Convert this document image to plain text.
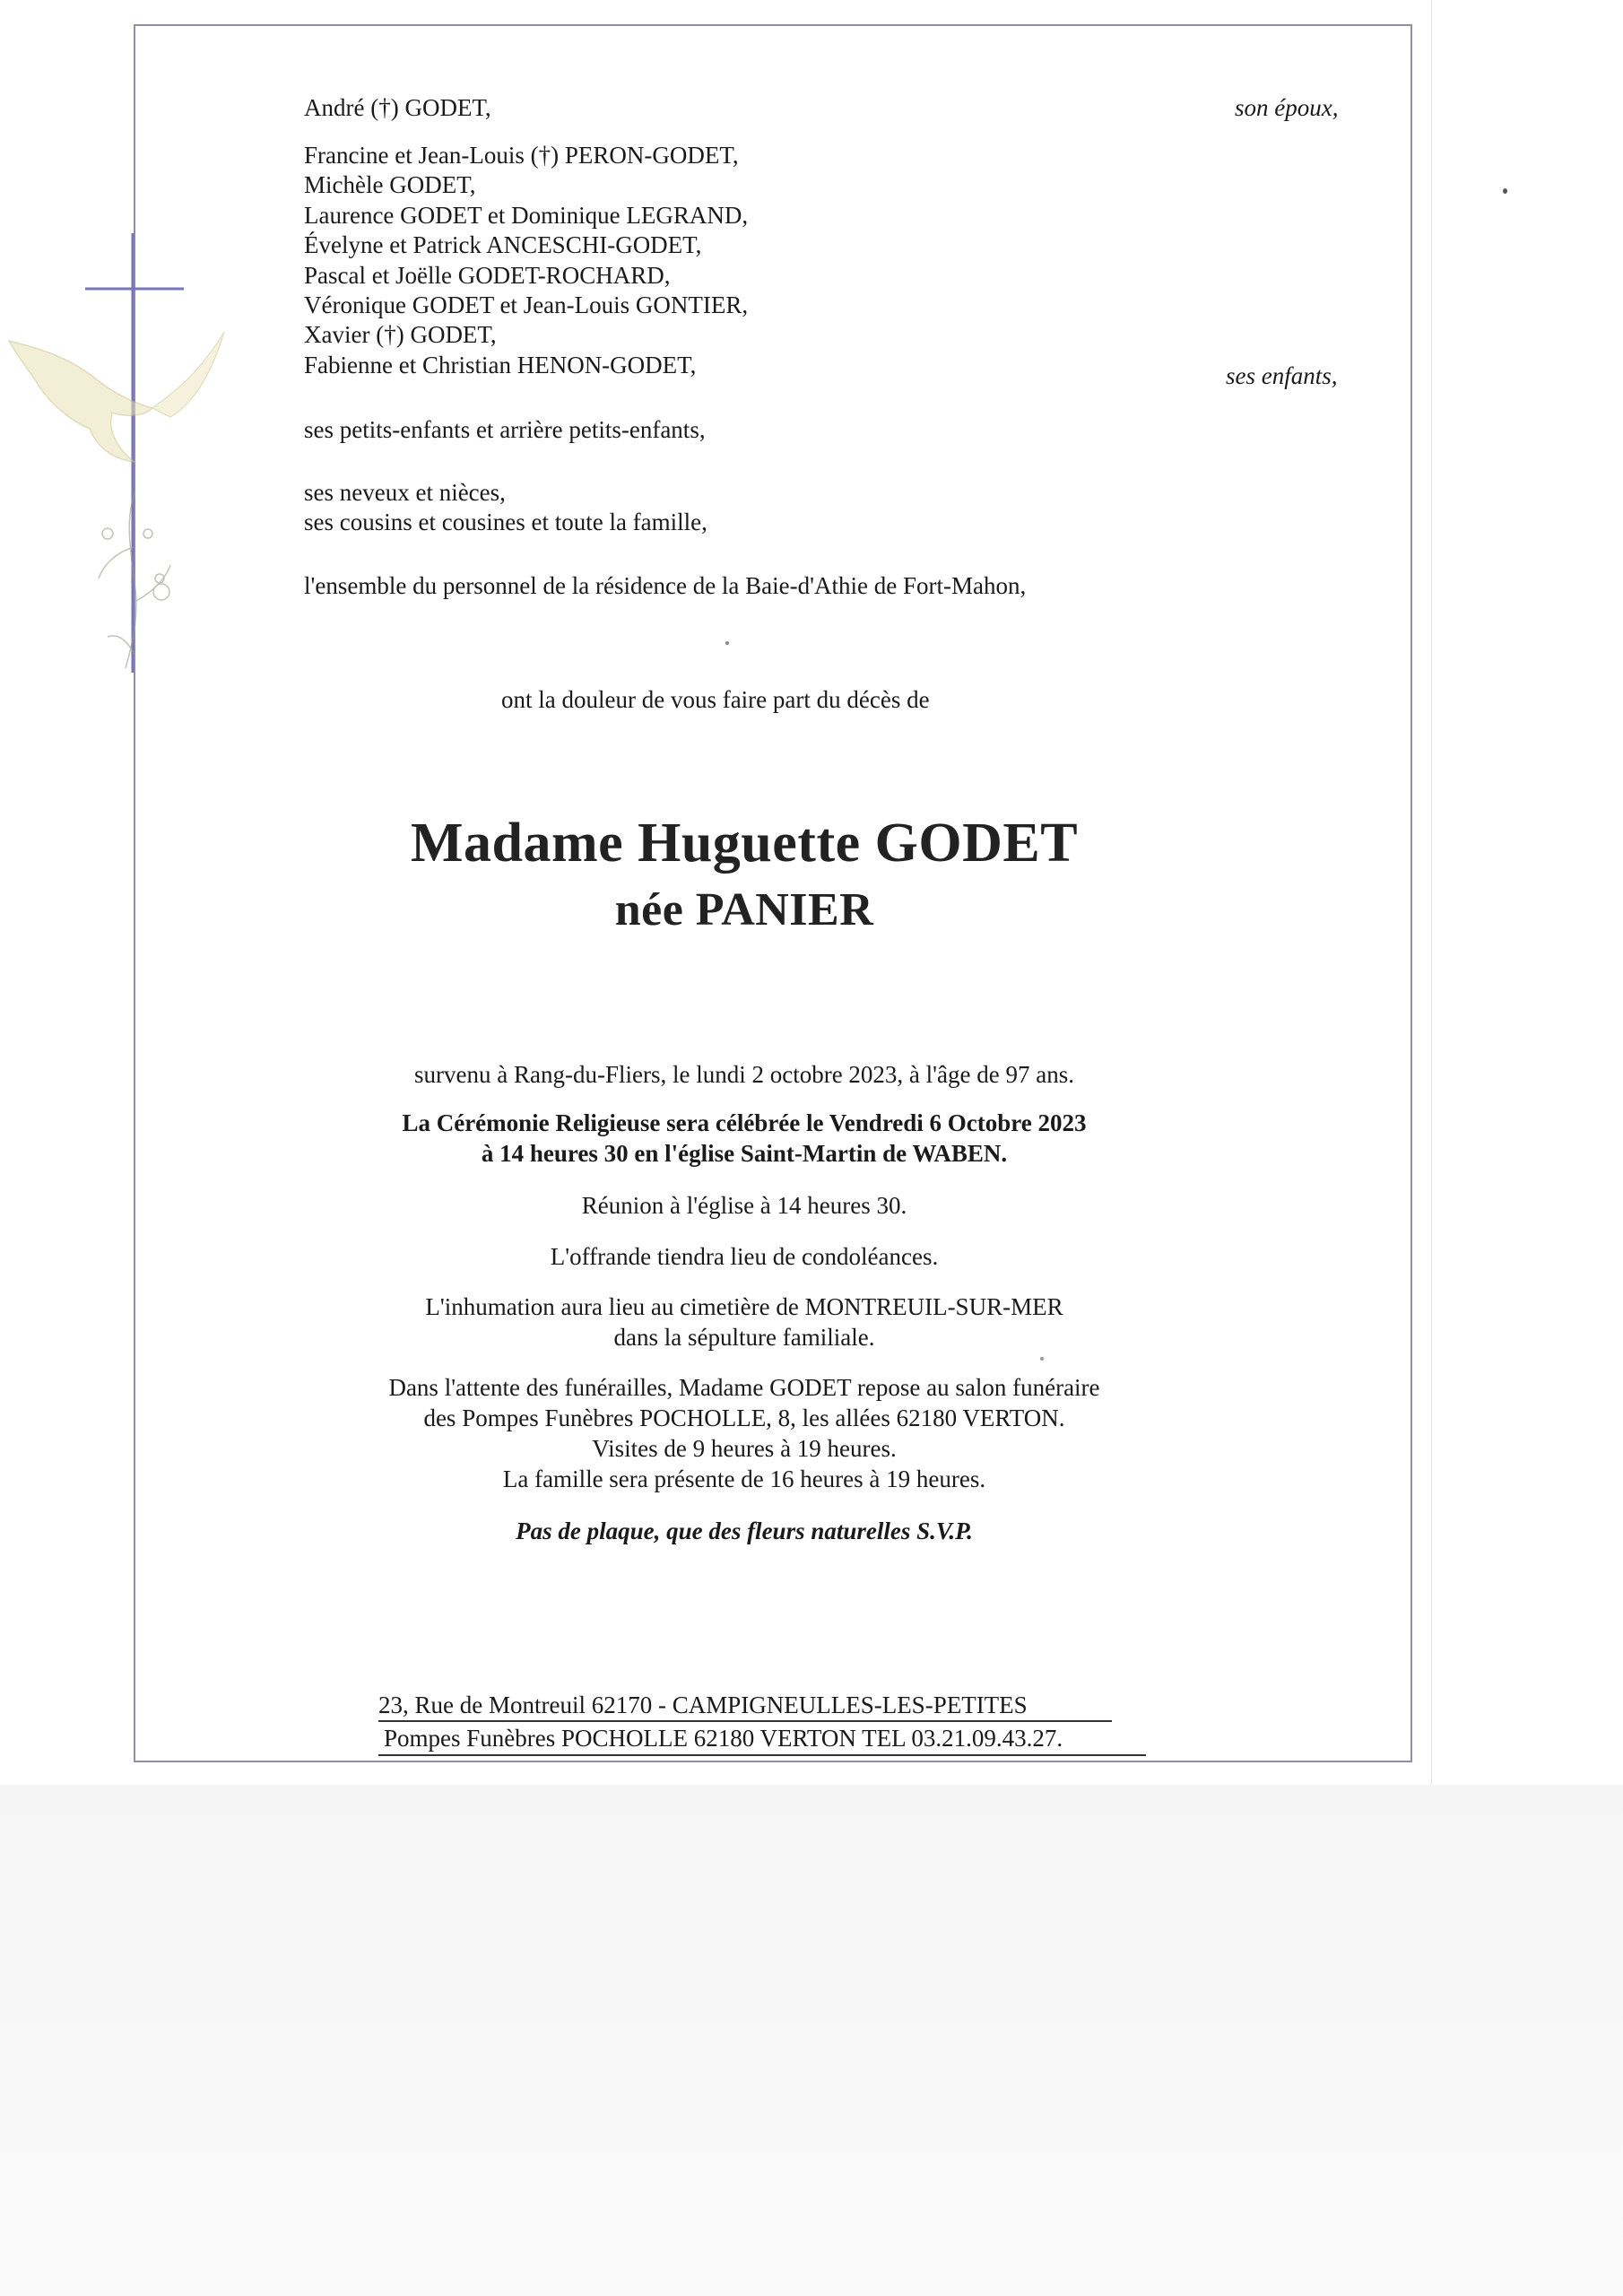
André (†) GODET,	son époux,
Francine et Jean-Louis (†) PERON-GODET,
Michèle GODET,
Laurence GODET et Dominique LEGRAND,
Évelyne et Patrick ANCESCHI-GODET,
Pascal et Joëlle GODET-ROCHARD,
Véronique GODET et Jean-Louis GONTIER,
Xavier (†) GODET,
Fabienne et Christian HENON-GODET,	ses enfants,
ses petits-enfants et arrière petits-enfants,
ses neveux et nièces,
ses cousins et cousines et toute la famille,
l'ensemble du personnel de la résidence de la Baie-d'Athie de Fort-Mahon,
ont la douleur de vous faire part du décès de
Madame Huguette GODET
née PANIER
survenu à Rang-du-Fliers, le lundi 2 octobre 2023, à l'âge de 97 ans.
La Cérémonie Religieuse sera célébrée le Vendredi 6 Octobre 2023
à 14 heures 30 en l'église Saint-Martin de WABEN.
Réunion à l'église à 14 heures 30.
L'offrande tiendra lieu de condoléances.
L'inhumation aura lieu au cimetière de MONTREUIL-SUR-MER
dans la sépulture familiale.
Dans l'attente des funérailles, Madame GODET repose au salon funéraire
des Pompes Funèbres POCHOLLE, 8, les allées 62180 VERTON.
Visites de 9 heures à 19 heures.
La famille sera présente de 16 heures à 19 heures.
Pas de plaque, que des fleurs naturelles S.V.P.
23, Rue de Montreuil 62170 - CAMPIGNEULLES-LES-PETITES
Pompes Funèbres POCHOLLE 62180 VERTON TEL 03.21.09.43.27.
